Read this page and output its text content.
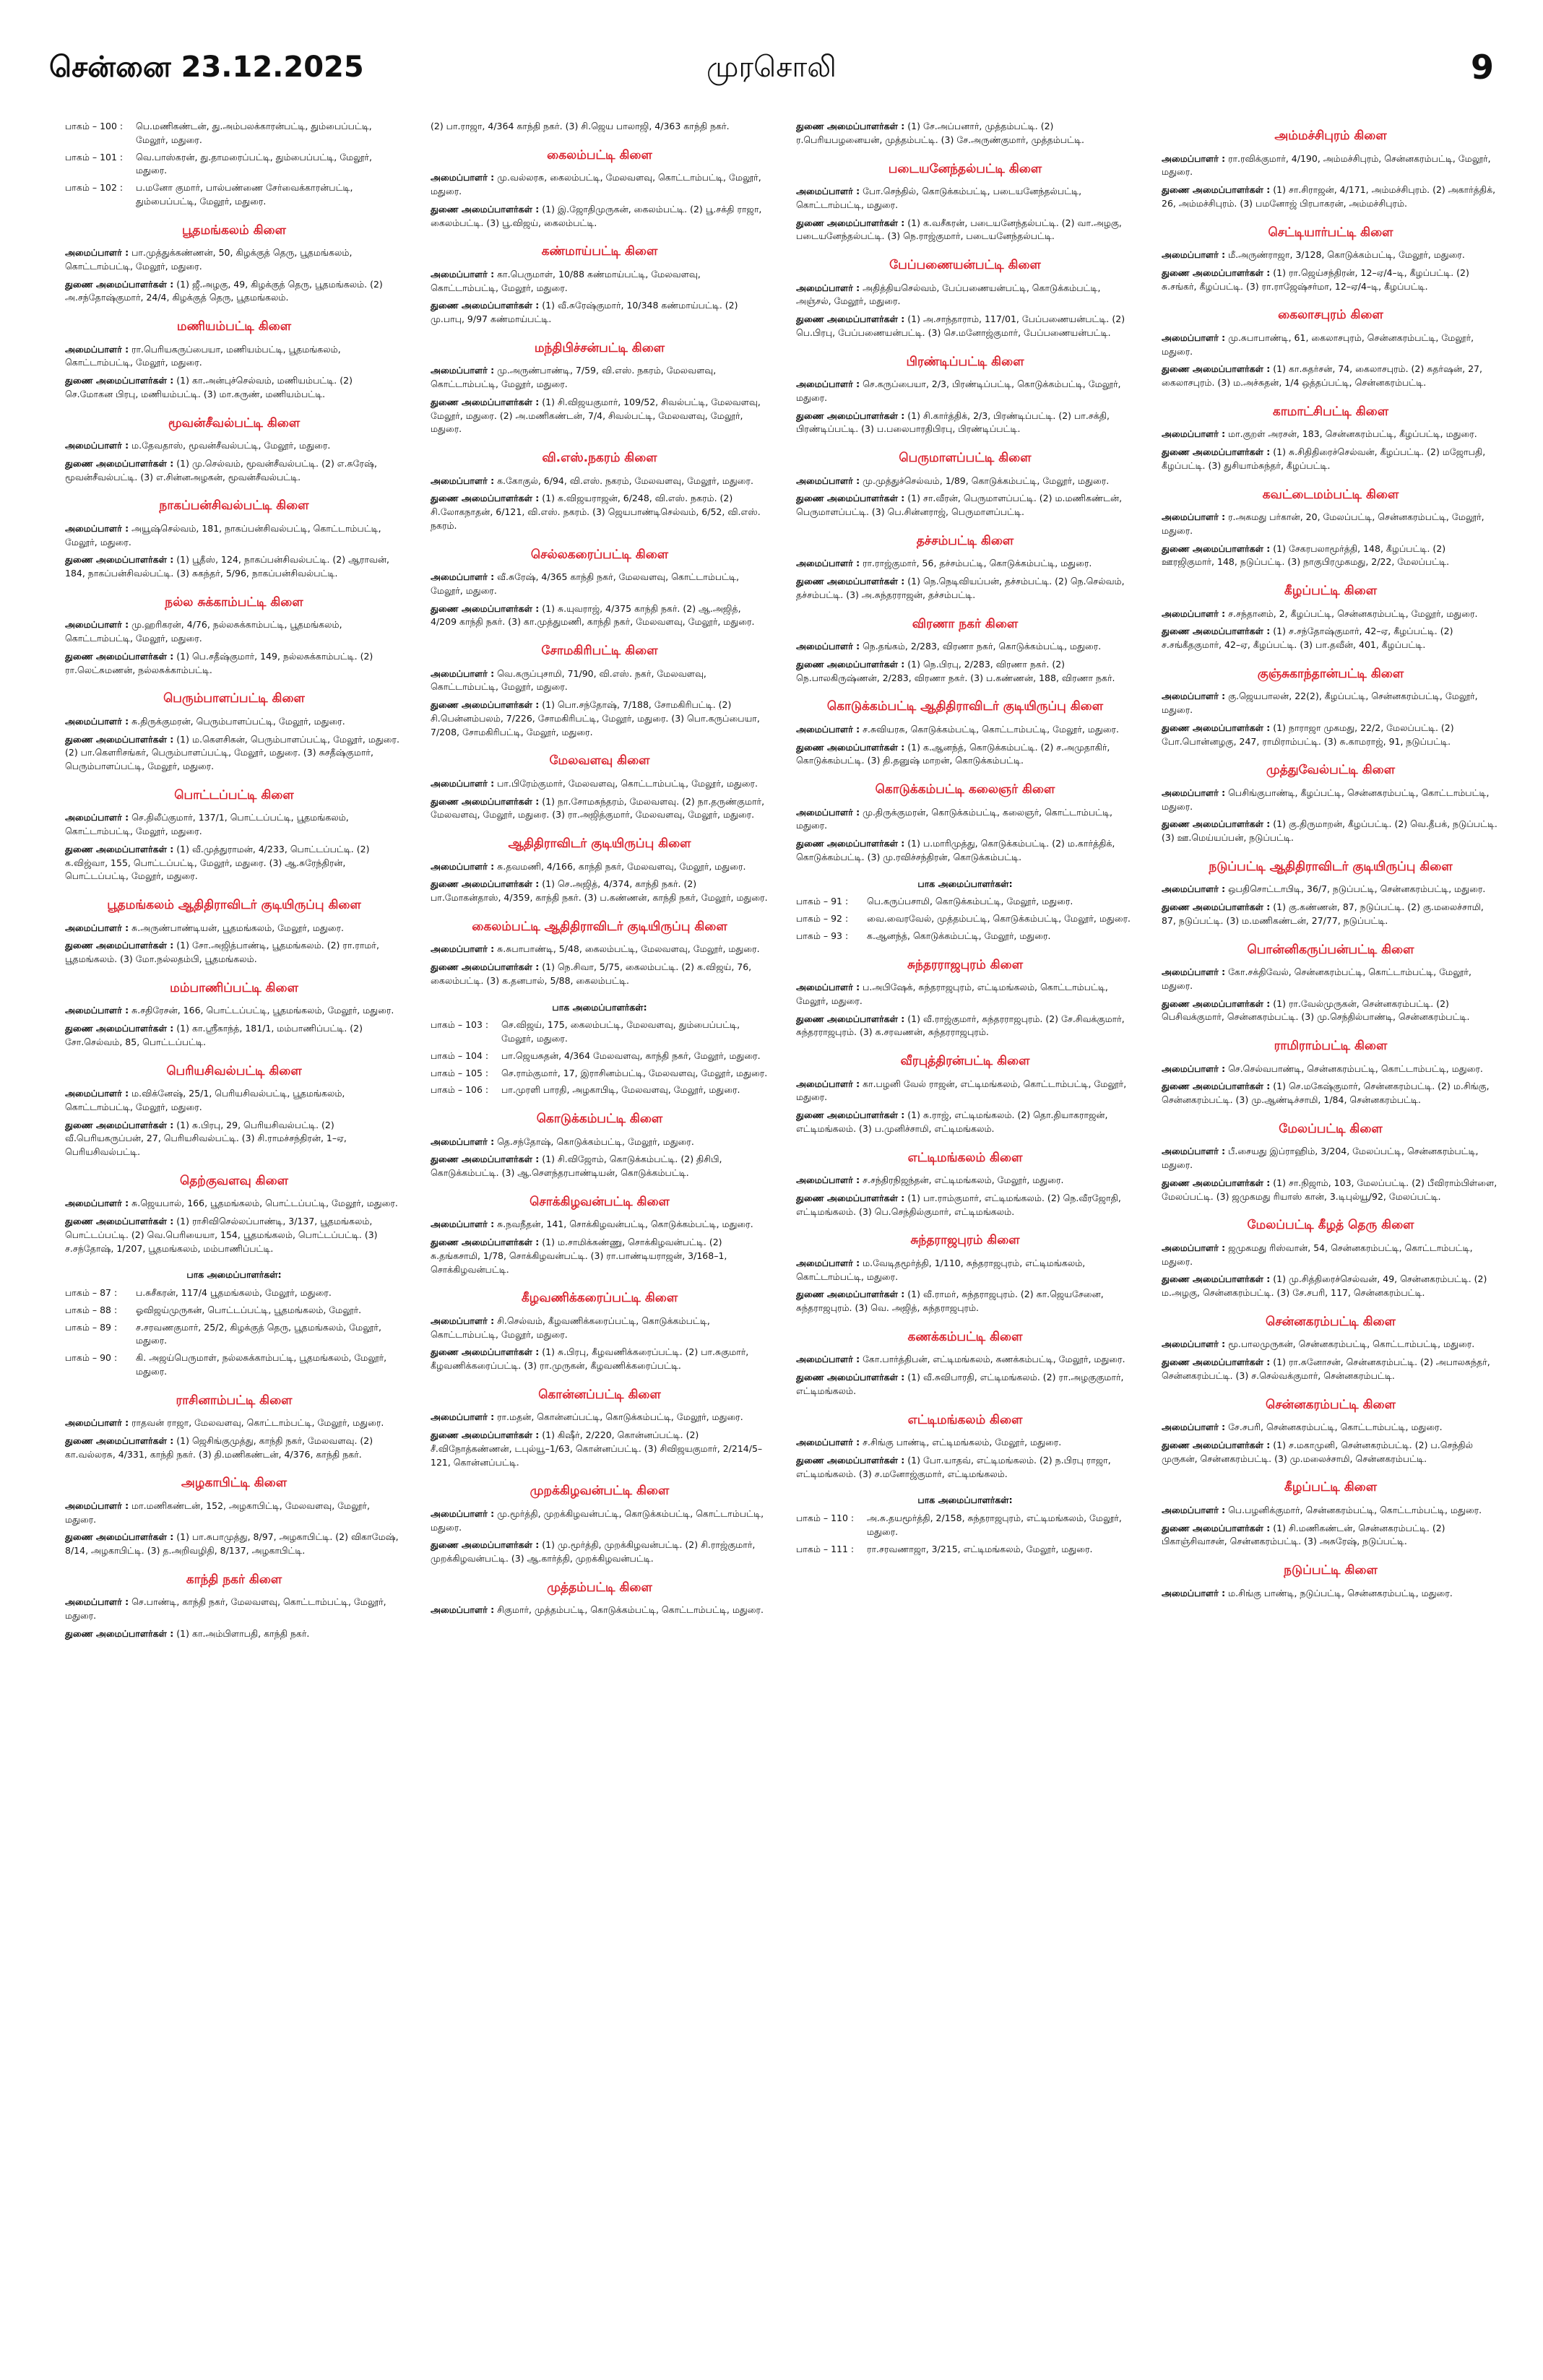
சென்னை 23.12.2025	முரசொலி	9
பாகம் – 100 :	பெ.மணிகண்டன், து.அம்பலக்காரன்பட்டி, தும்பைப்பட்டி, மேலூர், மதுரை.
பாகம் – 101 :	வெ.பாஸ்கரன், து.தாமரைப்பட்டி, தும்பைப்பட்டி, மேலூர், மதுரை.
பாகம் – 102 :	ப.மனோ குமார், பால்பண்ணை சேர்வைக்காரன்பட்டி, தும்பைப்பட்டி, மேலூர், மதுரை.
பூதமங்கலம் கிளை
அமைப்பாளர் : பா.முத்துக்கண்ணன், 50, கிழக்குத் தெரு, பூதமங்கலம், கொட்டாம்பட்டி, மேலூர், மதுரை.
துணை அமைப்பாளர்கள் : (1) ஜீ.அழகு, 49, கிழக்குத் தெரு, பூதமங்கலம். (2) அ.சந்தோஷ்குமார், 24/4, கிழக்குத் தெரு, பூதமங்கலம்.
மணியம்பட்டி கிளை
அமைப்பாளர் : ரா.பெரியகருப்பையா, மணியம்பட்டி, பூதமங்கலம், கொட்டாம்பட்டி, மேலூர், மதுரை.
துணை அமைப்பாளர்கள் : (1) கா.அன்புச்செல்வம், மணியம்பட்டி. (2) செ.மோகன பிரபு, மணியம்பட்டி. (3) மா.கருண், மணியம்பட்டி.
மூவன்சீவல்பட்டி கிளை
அமைப்பாளர் : ம.தேவதாஸ், மூவன்சீவல்பட்டி, மேலூர், மதுரை.
துணை அமைப்பாளர்கள் : (1) மு.செல்வம், மூவன்சீவல்பட்டி. (2) எ.சுரேஷ், மூவன்சீவல்பட்டி. (3) எ.சின்னஅழகன், மூவன்சீவல்பட்டி.
நாகப்பன்சிவல்பட்டி கிளை
அமைப்பாளர் : அயூஷ்செல்வம், 181, நாகப்பன்சிவல்பட்டி, கொட்டாம்பட்டி, மேலூர், மதுரை.
துணை அமைப்பாளர்கள் : (1) பூதீஸ், 124, நாகப்பன்சிவல்பட்டி. (2) ஆராவன், 184, நாகப்பன்சிவல்பட்டி. (3) சுகந்தர், 5/96, நாகப்பன்சிவல்பட்டி.
நல்ல சுக்காம்பட்டி கிளை
அமைப்பாளர் : மு.ஹரிகரன், 4/76, நல்லசுக்காம்பட்டி, பூதமங்கலம், கொட்டாம்பட்டி, மேலூர், மதுரை.
துணை அமைப்பாளர்கள் : (1) பெ.சதீஷ்குமார், 149, நல்லசுக்காம்பட்டி. (2) ரா.லெட்சுமணன், நல்லசுக்காம்பட்டி.
பெரும்பாளப்பட்டி கிளை
அமைப்பாளர் : சு.திருக்குமரன், பெரும்பாளப்பட்டி, மேலூர், மதுரை.
துணை அமைப்பாளர்கள் : (1) ம.கௌசிகன், பெரும்பாளப்பட்டி, மேலூர், மதுரை. (2) பா.கௌரிசங்கர், பெரும்பாளப்பட்டி, மேலூர், மதுரை. (3) சுசதீஷ்குமார், பெரும்பாளப்பட்டி, மேலூர், மதுரை.
பொட்டப்பட்டி கிளை
அமைப்பாளர் : செ.திலீப்குமார், 137/1, பொட்டப்பட்டி, பூதமங்கலம், கொட்டாம்பட்டி, மேலூர், மதுரை.
துணை அமைப்பாளர்கள் : (1) வீ.முத்துராமன், 4/233, பொட்டப்பட்டி. (2) க.விஜ்வா, 155, பொட்டப்பட்டி, மேலூர், மதுரை. (3) ஆ.சுரேந்திரன், பொட்டப்பட்டி, மேலூர், மதுரை.
பூதமங்கலம் ஆதிதிராவிடர் குடியிருப்பு கிளை
அமைப்பாளர் : சு.அருண்பாண்டியன், பூதமங்கலம், மேலூர், மதுரை.
துணை அமைப்பாளர்கள் : (1) சோ.அஜித்பாண்டி, பூதமங்கலம். (2) ரா.ராமர், பூதமங்கலம். (3) மோ.நல்லதம்பி, பூதமங்கலம்.
மம்பாணிப்பட்டி கிளை
அமைப்பாளர் : சு.சதிரேசன், 166, பொட்டப்பட்டி, பூதமங்கலம், மேலூர், மதுரை.
துணை அமைப்பாளர்கள் : (1) கா.ஸ்ரீகாந்த், 181/1, மம்பாணிப்பட்டி. (2) சோ.செல்வம், 85, பொட்டப்பட்டி.
பெரியசிவல்பட்டி கிளை
அமைப்பாளர் : ம.விக்னேஷ், 25/1, பெரியசிவல்பட்டி, பூதமங்கலம், கொட்டாம்பட்டி, மேலூர், மதுரை.
துணை அமைப்பாளர்கள் : (1) சு.பிரபு, 29, பெரியசிவல்பட்டி. (2) வீ.பெரியகருப்பன், 27, பெரியசிவல்பட்டி. (3) சி.ராமச்சந்திரன், 1–ஏ, பெரியசிவல்பட்டி.
தெற்குவளவு கிளை
அமைப்பாளர் : சு.ஜெயபால், 166, பூதமங்கலம், பொட்டப்பட்டி, மேலூர், மதுரை.
துணை அமைப்பாளர்கள் : (1) ராசிவிசெல்லப்பாண்டி, 3/137, பூதமங்கலம், பொட்டப்பட்டி. (2) வெ.பெரியையா, 154, பூதமங்கலம், பொட்டப்பட்டி. (3) ச.சந்தோஷ், 1/207, பூதமங்கலம், மம்பாணிப்பட்டி.
பாக அமைப்பாளர்கள்:
பாகம் – 87 :	ப.சுசீகரன், 117/4 பூதமங்கலம், மேலூர், மதுரை.
பாகம் – 88 :	ஓவிஜய்முருகன், பொட்டப்பட்டி, பூதமங்கலம், மேலூர்.
பாகம் – 89 :	ச.சரவணகுமார், 25/2, கிழக்குத் தெரு, பூதமங்கலம், மேலூர், மதுரை.
பாகம் – 90 :	கி. அஜய்பெருமாள், நல்லசுக்காம்பட்டி, பூதமங்கலம், மேலூர், மதுரை.
ராசினாம்பட்டி கிளை
அமைப்பாளர் : ராதவன் ராஜா, மேலவளவு, கொட்டாம்பட்டி, மேலூர், மதுரை.
துணை அமைப்பாளர்கள் : (1) ஜெசிங்குமுத்து, காந்தி நகர், மேலவளவு. (2) கா.வல்லரசு, 4/331, காந்தி நகர். (3) தி.மணிகண்டன், 4/376, காந்தி நகர்.
அழகாபிட்டி கிளை
அமைப்பாளர் : மா.மணிகண்டன், 152, அழகாபிட்டி, மேலவளவு, மேலூர், மதுரை.
துணை அமைப்பாளர்கள் : (1) பா.சுபாமுத்து, 8/97, அழகாபிட்டி. (2) விகாமேஷ், 8/14, அழகாபிட்டி. (3) த.அறிவழிதி, 8/137, அழகாபிட்டி.
காந்தி நகர் கிளை
அமைப்பாளர் : செ.பாண்டி, காந்தி நகர், மேலவளவு, கொட்டாம்பட்டி, மேலூர், மதுரை.
துணை அமைப்பாளர்கள் : (1) கா.அம்பிளாபதி, காந்தி நகர்.
(2) பா.ராஜா, 4/364 காந்தி நகர். (3) சி.ஜெய பாலாஜி, 4/363 காந்தி நகர்.
கைலம்பட்டி கிளை
அமைப்பாளர் : மு.வல்லரசு, கைலம்பட்டி, மேலவளவு, கொட்டாம்பட்டி, மேலூர், மதுரை.
துணை அமைப்பாளர்கள் : (1) இ.ஜோதிமுருகன், கைலம்பட்டி. (2) பூ.சக்தி ராஜா, கைலம்பட்டி. (3) பூ.விஜய், கைலம்பட்டி.
கண்மாய்பட்டி கிளை
அமைப்பாளர் : கா.பெருமாள், 10/88 கண்மாய்பட்டி, மேலவளவு, கொட்டாம்பட்டி, மேலூர், மதுரை.
துணை அமைப்பாளர்கள் : (1) வீ.சுரேஷ்குமார், 10/348 கண்மாய்பட்டி. (2) மு.பாபு, 9/97 கண்மாய்பட்டி.
மந்திபிச்சன்பட்டி கிளை
அமைப்பாளர் : மு.அருண்பாண்டி, 7/59, வி.எஸ். நகரம், மேலவளவு, கொட்டாம்பட்டி, மேலூர், மதுரை.
துணை அமைப்பாளர்கள் : (1) சி.விஜயகுமார், 109/52, சிவல்பட்டி, மேலவளவு, மேலூர், மதுரை. (2) அ.மணிகண்டன், 7/4, சிவல்பட்டி, மேலவளவு, மேலூர், மதுரை.
வி.எஸ்.நகரம் கிளை
அமைப்பாளர் : க.கோகுல், 6/94, வி.எஸ். நகரம், மேலவளவு, மேலூர், மதுரை.
துணை அமைப்பாளர்கள் : (1) க.விஜயராஜன், 6/248, வி.எஸ். நகரம். (2) சி.லோகநாதன், 6/121, வி.எஸ். நகரம். (3) ஜெயபாண்டிசெல்வம், 6/52, வி.எஸ். நகரம்.
செல்லகரைப்பட்டி கிளை
அமைப்பாளர் : வீ.சுரேஷ், 4/365 காந்தி நகர், மேலவளவு, கொட்டாம்பட்டி, மேலூர், மதுரை.
துணை அமைப்பாளர்கள் : (1) சு.யுவராஜ், 4/375 காந்தி நகர். (2) ஆ.அஜித், 4/209 காந்தி நகர். (3) கா.முத்துமணி, காந்தி நகர், மேலவளவு, மேலூர், மதுரை.
சோமகிரிபட்டி கிளை
அமைப்பாளர் : வெ.கருப்புசாமி, 71/90, வி.எஸ். நகர், மேலவளவு, கொட்டாம்பட்டி, மேலூர், மதுரை.
துணை அமைப்பாளர்கள் : (1) பொ.சந்தோஷ், 7/188, சோமகிரிபட்டி. (2) சி.பென்னம்பலம், 7/226, சோமகிரிபட்டி, மேலூர், மதுரை. (3) பொ.கருப்பையா, 7/208, சோமகிரிபட்டி, மேலூர், மதுரை.
மேலவளவு கிளை
அமைப்பாளர் : பா.பிரேம்குமார், மேலவளவு, கொட்டாம்பட்டி, மேலூர், மதுரை.
துணை அமைப்பாளர்கள் : (1) நா.சோமசுந்தரம், மேலவளவு. (2) நா.தருண்குமார், மேலவளவு, மேலூர், மதுரை. (3) ரா.அஜித்குமார், மேலவளவு, மேலூர், மதுரை.
ஆதிதிராவிடர் குடியிருப்பு கிளை
அமைப்பாளர் : சு.தவமணி, 4/166, காந்தி நகர், மேலவளவு, மேலூர், மதுரை.
துணை அமைப்பாளர்கள் : (1) செ.அஜித், 4/374, காந்தி நகர். (2) பா.மோகன்தாஸ், 4/359, காந்தி நகர். (3) ப.கண்ணன், காந்தி நகர், மேலூர், மதுரை.
கைலம்பட்டி ஆதிதிராவிடர் குடியிருப்பு கிளை
அமைப்பாளர் : சு.சுபாபாண்டி, 5/48, கைலம்பட்டி, மேலவளவு, மேலூர், மதுரை.
துணை அமைப்பாளர்கள் : (1) நெ.சிவா, 5/75, கைலம்பட்டி. (2) க.விஜய், 76, கைலம்பட்டி. (3) க.தனபால், 5/88, கைலம்பட்டி.
பாக அமைப்பாளர்கள்:
பாகம் – 103 :	செ.விஜய், 175, கைலம்பட்டி, மேலவளவு, தும்பைப்பட்டி, மேலூர், மதுரை.
பாகம் – 104 :	பா.ஜெயசுதன், 4/364 மேலவளவு, காந்தி நகர், மேலூர், மதுரை.
பாகம் – 105 :	செ.ராம்குமார், 17, இராசினம்பட்டி, மேலவளவு, மேலூர், மதுரை.
பாகம் – 106 :	பா.முரளி பாரதி, அழகாபிடி, மேலவளவு, மேலூர், மதுரை.
கொடுக்கம்பட்டி கிளை
அமைப்பாளர் : தெ.சந்தோஷ், கொடுக்கம்பட்டி, மேலூர், மதுரை.
துணை அமைப்பாளர்கள் : (1) சி.விஜோம், கொடுக்கம்பட்டி. (2) திசிபி, கொடுக்கம்பட்டி. (3) ஆ.சௌந்தரபாண்டியன், கொடுக்கம்பட்டி.
சொக்கிழவன்பட்டி கிளை
அமைப்பாளர் : சு.நவநீதன், 141, சொக்கிழவன்பட்டி, கொடுக்கம்பட்டி, மதுரை.
துணை அமைப்பாளர்கள் : (1) ம.சாமிக்கண்ணு, சொக்கிழவன்பட்டி. (2) சு.தங்கசாமி, 1/78, சொக்கிழவன்பட்டி. (3) ரா.பாண்டியராஜன், 3/168–1, சொக்கிழவன்பட்டி.
கீழவணிக்கரைப்பட்டி கிளை
அமைப்பாளர் : சி.செல்வம், கீழவணிக்கரைப்பட்டி, கொடுக்கம்பட்டி, கொட்டாம்பட்டி, மேலூர், மதுரை.
துணை அமைப்பாளர்கள் : (1) சு.பிரபு, கீழவணிக்கரைப்பட்டி. (2) பா.சுகுமார், கீழவணிக்கரைப்பட்டி. (3) ரா.முருகன், கீழவணிக்கரைப்பட்டி.
கொன்னப்பட்டி கிளை
அமைப்பாளர் : ரா.மதன், கொன்னப்பட்டி, கொடுக்கம்பட்டி, மேலூர், மதுரை.
துணை அமைப்பாளர்கள் : (1) கிஷீர், 2/220, கொன்னப்பட்டி. (2) சீ.விநோத்கண்ணன், டபுல்யூ–1/63, கொன்னப்பட்டி. (3) சிவிஜயகுமார், 2/214/5–121, கொன்னப்பட்டி.
முறக்கிழவன்பட்டி கிளை
அமைப்பாளர் : மு.மூர்த்தி, முறக்கிழவன்பட்டி, கொடுக்கம்பட்டி, கொட்டாம்பட்டி, மதுரை.
துணை அமைப்பாளர்கள் : (1) மு.மூர்த்தி, முறக்கிழவன்பட்டி. (2) சி.ராஜ்குமார், முறக்கிழவன்பட்டி. (3) ஆ.கார்த்தி, முறக்கிழவன்பட்டி.
முத்தம்பட்டி கிளை
அமைப்பாளர் : சிகுமார், முத்தம்பட்டி, கொடுக்கம்பட்டி, கொட்டாம்பட்டி, மதுரை.
துணை அமைப்பாளர்கள் : (1) சே.அப்பனார், முத்தம்பட்டி. (2) ர.பெரியபழனையன், முத்தம்பட்டி. (3) சே.அருண்குமார், முத்தம்பட்டி.
படையனேந்தல்பட்டி கிளை
அமைப்பாளர் : போ.செந்தில், கொடுக்கம்பட்டி, படையனேந்தல்பட்டி, கொட்டாம்பட்டி, மதுரை.
துணை அமைப்பாளர்கள் : (1) க.வசீகரன், படையனேந்தல்பட்டி. (2) வா.அழகு, படையனேந்தல்பட்டி. (3) நெ.ராஜ்குமார், படையனேந்தல்பட்டி.
பேப்பணையன்பட்டி கிளை
அமைப்பாளர் : அதித்தியசெல்வம், பேப்பணையன்பட்டி, கொடுக்கம்பட்டி, அஞ்சல், மேலூர், மதுரை.
துணை அமைப்பாளர்கள் : (1) அ.சாந்தாராம், 117/01, பேப்பணையன்பட்டி. (2) பெ.பிரபு, பேப்பணையன்பட்டி. (3) செ.மனோஜ்குமார், பேப்பணையன்பட்டி.
பிரண்டிப்பட்டி கிளை
அமைப்பாளர் : செ.கருப்பையா, 2/3, பிரண்டிப்பட்டி, கொடுக்கம்பட்டி, மேலூர், மதுரை.
துணை அமைப்பாளர்கள் : (1) சி.கார்த்திக், 2/3, பிரண்டிப்பட்டி. (2) பா.சக்தி, பிரண்டிப்பட்டி. (3) ப.பலைபாரதிபிரபு, பிரண்டிப்பட்டி.
பெருமாளப்பட்டி கிளை
அமைப்பாளர் : மு.முத்துச்செல்வம், 1/89, கொடுக்கம்பட்டி, மேலூர், மதுரை.
துணை அமைப்பாளர்கள் : (1) சா.வீரன், பெருமாளப்பட்டி. (2) ம.மணிகண்டன், பெருமாளப்பட்டி. (3) பெ.சின்னராஜ், பெருமாளப்பட்டி.
தச்சம்பட்டி கிளை
அமைப்பாளர் : ரா.ராஜ்குமார், 56, தச்சம்பட்டி, கொடுக்கம்பட்டி, மதுரை.
துணை அமைப்பாளர்கள் : (1) நெ.நெடிவியப்பன், தச்சம்பட்டி. (2) நெ.செல்வம், தச்சம்பட்டி. (3) அ.சுந்தரராஜன், தச்சம்பட்டி.
விரணா நகர் கிளை
அமைப்பாளர் : நெ.தங்கம், 2/283, விரணா நகர், கொடுக்கம்பட்டி, மதுரை.
துணை அமைப்பாளர்கள் : (1) நெ.பிரபு, 2/283, விரணா நகர். (2) நெ.பாலகிருஷ்ணன், 2/283, விரணா நகர். (3) ப.கண்ணன், 188, விரணா நகர்.
கொடுக்கம்பட்டி ஆதிதிராவிடர் குடியிருப்பு கிளை
அமைப்பாளர் : ச.சுவியரசு, கொடுக்கம்பட்டி, கொட்டாம்பட்டி, மேலூர், மதுரை.
துணை அமைப்பாளர்கள் : (1) க.ஆனந்த், கொடுக்கம்பட்டி. (2) ச.அமுதாகிர், கொடுக்கம்பட்டி. (3) தி.தனுஷ் மாறன், கொடுக்கம்பட்டி.
கொடுக்கம்பட்டி கலைஞர் கிளை
அமைப்பாளர் : மு.திருக்குமரன், கொடுக்கம்பட்டி, கலைஞர், கொட்டாம்பட்டி, மதுரை.
துணை அமைப்பாளர்கள் : (1) ப.மாரிமுத்து, கொடுக்கம்பட்டி. (2) ம.கார்த்திக், கொடுக்கம்பட்டி. (3) மு.ரவிச்சந்திரன், கொடுக்கம்பட்டி.
பாக அமைப்பாளர்கள்:
பாகம் – 91 :	பெ.கருப்பசாமி, கொடுக்கம்பட்டி, மேலூர், மதுரை.
பாகம் – 92 :	வை.வைரவேல், முத்தம்பட்டி, கொடுக்கம்பட்டி, மேலூர், மதுரை.
பாகம் – 93 :	க.ஆனந்த், கொடுக்கம்பட்டி, மேலூர், மதுரை.
சுந்தரராஜபுரம் கிளை
அமைப்பாளர் : ப.அபிஷேக், சுந்தராஜபுரம், எட்டிமங்கலம், கொட்டாம்பட்டி, மேலூர், மதுரை.
துணை அமைப்பாளர்கள் : (1) வீ.ராஜ்குமார், சுந்தரராஜபுரம். (2) சே.சிவக்குமார், சுந்தரராஜபுரம். (3) க.சரவணன், சுந்தரராஜபுரம்.
வீரபுத்திரன்பட்டி கிளை
அமைப்பாளர் : கா.பழனி வேல் ராஜன், எட்டிமங்கலம், கொட்டாம்பட்டி, மேலூர், மதுரை.
துணை அமைப்பாளர்கள் : (1) சு.ராஜ், எட்டிமங்கலம். (2) தொ.தியாகராஜன், எட்டிமங்கலம். (3) ப.முனிச்சாமி, எட்டிமங்கலம்.
எட்டிமங்கலம் கிளை
அமைப்பாளர் : ச.சந்திரநிஜந்தன், எட்டிமங்கலம், மேலூர், மதுரை.
துணை அமைப்பாளர்கள் : (1) பா.ராம்குமார், எட்டிமங்கலம். (2) நெ.வீரஜோதி, எட்டிமங்கலம். (3) பெ.செந்தில்குமார், எட்டிமங்கலம்.
சுந்தராஜபுரம் கிளை
அமைப்பாளர் : ம.வேடிதமூர்த்தி, 1/110, சுந்தராஜபுரம், எட்டிமங்கலம், கொட்டாம்பட்டி, மதுரை.
துணை அமைப்பாளர்கள் : (1) வீ.ராமர், சுந்தராஜபுரம். (2) கா.ஜெயசேனை, சுந்தராஜபுரம். (3) வெ. அஜித், சுந்தராஜபுரம்.
கணக்கம்பட்டி கிளை
அமைப்பாளர் : கோ.பார்த்திபன், எட்டிமங்கலம், கணக்கம்பட்டி, மேலூர், மதுரை.
துணை அமைப்பாளர்கள் : (1) வீ.சுவிபாரதி, எட்டிமங்கலம். (2) ரா.அழகுகுமார், எட்டிமங்கலம்.
எட்டிமங்கலம் கிளை
அமைப்பாளர் : ச.சிங்கு பாண்டி, எட்டிமங்கலம், மேலூர், மதுரை.
துணை அமைப்பாளர்கள் : (1) போ.யாதவ், எட்டிமங்கலம். (2) ந.பிரபு ராஜா, எட்டிமங்கலம். (3) ச.மனோஜ்குமார், எட்டிமங்கலம்.
பாக அமைப்பாளர்கள்:
பாகம் – 110 :	அ.சு.தயமூர்த்தி, 2/158, சுந்தராஜபுரம், எட்டிமங்கலம், மேலூர், மதுரை.
பாகம் – 111 :	ரா.சரவணாஜா, 3/215, எட்டிமங்கலம், மேலூர், மதுரை.
அம்மச்சிபுரம் கிளை
அமைப்பாளர் : ரா.ரவிக்குமார், 4/190, அம்மச்சிபுரம், சென்னகரம்பட்டி, மேலூர், மதுரை.
துணை அமைப்பாளர்கள் : (1) சா.சிராஜன், 4/171, அம்மச்சிபுரம். (2) அகார்த்திக், 26, அம்மச்சிபுரம். (3) பமனோஜ் பிரபாகரன், அம்மச்சிபுரம்.
செட்டியார்பட்டி கிளை
அமைப்பாளர் : மீ.அருண்ராஜா, 3/128, கொடுக்கம்பட்டி, மேலூர், மதுரை.
துணை அமைப்பாளர்கள் : (1) ரா.ஜெய்சந்திரன், 12–ஏ/4–டி, கீழப்பட்டி. (2) சு.சங்கர், கீழப்பட்டி. (3) ரா.ராஜேஷ்சர்மா, 12–ஏ/4–டி, கீழப்பட்டி.
கைலாசபுரம் கிளை
அமைப்பாளர் : மு.சுபாபாண்டி, 61, கைலாசபுரம், சென்னகரம்பட்டி, மேலூர், மதுரை.
துணை அமைப்பாளர்கள் : (1) கா.சுதர்சன், 74, கைலாசபுரம். (2) சுதர்ஷன், 27, கைலாசபுரம். (3) ம.அச்சுதன், 1/4 ஒத்தப்பட்டி, சென்னகரம்பட்டி.
காமாட்சிபட்டி கிளை
அமைப்பாளர் : மா.குறள் அரசன், 183, சென்னகரம்பட்டி, கீழப்பட்டி, மதுரை.
துணை அமைப்பாளர்கள் : (1) சு.சிதிதிரைச்செல்வன், கீழப்பட்டி. (2) மஜோபதி, கீழப்பட்டி. (3) துசியாம்சுந்தர், கீழப்பட்டி.
கவட்டைமம்பட்டி கிளை
அமைப்பாளர் : ர.அகமது பர்கான், 20, மேலப்பட்டி, சென்னகரம்பட்டி, மேலூர், மதுரை.
துணை அமைப்பாளர்கள் : (1) சேகரபலாமூர்த்தி, 148, கீழப்பட்டி. (2) ஊரஜிகுமார், 148, நடுப்பட்டி. (3) நாகுபிரமுகமது, 2/22, மேலப்பட்டி.
கீழப்பட்டி கிளை
அமைப்பாளர் : ச.சந்தானம், 2, கீழப்பட்டி, சென்னகரம்பட்டி, மேலூர், மதுரை.
துணை அமைப்பாளர்கள் : (1) ச.சந்தோஷ்குமார், 42–ஏ, கீழப்பட்டி. (2) ச.சங்கீதகுமார், 42–ஏ, கீழப்பட்டி. (3) பா.தவீன், 401, கீழப்பட்டி.
குஞ்சுகாந்தான்பட்டி கிளை
அமைப்பாளர் : கு.ஜெயபாலன், 22(2), கீழப்பட்டி, சென்னகரம்பட்டி, மேலூர், மதுரை.
துணை அமைப்பாளர்கள் : (1) நாராஜா முகமது, 22/2, மேலப்பட்டி. (2) போ.பொன்னழகு, 247, ராமிராம்பட்டி. (3) சு.காமராஜ், 91, நடுப்பட்டி.
முத்துவேல்பட்டி கிளை
அமைப்பாளர் : பெசிங்குபாண்டி, கீழப்பட்டி, சென்னகரம்பட்டி, கொட்டாம்பட்டி, மதுரை.
துணை அமைப்பாளர்கள் : (1) கு.திருமாறன், கீழப்பட்டி. (2) வெ.தீபக், நடுப்பட்டி. (3) ஊ.மெய்யப்பன், நடுப்பட்டி.
நடுப்பட்டி ஆதிதிராவிடர் குடியிருப்பு கிளை
அமைப்பாளர் : ஒபதிசொட்டாபிடி, 36/7, நடுப்பட்டி, சென்னகரம்பட்டி, மதுரை.
துணை அமைப்பாளர்கள் : (1) கு.கண்ணன், 87, நடுப்பட்டி. (2) கு.மலைச்சாமி, 87, நடுப்பட்டி. (3) ம.மணிகண்டன், 27/77, நடுப்பட்டி.
பொன்னிகருப்பன்பட்டி கிளை
அமைப்பாளர் : கோ.சக்திவேல், சென்னகரம்பட்டி, கொட்டாம்பட்டி, மேலூர், மதுரை.
துணை அமைப்பாளர்கள் : (1) ரா.வேல்முருகன், சென்னகரம்பட்டி. (2) பெசிவக்குமார், சென்னகரம்பட்டி. (3) மு.செந்தில்பாண்டி, சென்னகரம்பட்டி.
ராமிராம்பட்டி கிளை
அமைப்பாளர் : செ.செல்வபாண்டி, சென்னகரம்பட்டி, கொட்டாம்பட்டி, மதுரை.
துணை அமைப்பாளர்கள் : (1) செ.மகேஷ்குமார், சென்னகரம்பட்டி. (2) ம.சிங்கு, சென்னகரம்பட்டி. (3) மு.ஆண்டிச்சாமி, 1/84, சென்னகரம்பட்டி.
மேலப்பட்டி கிளை
அமைப்பாளர் : பீ.சையது இப்ராஹிம், 3/204, மேலப்பட்டி, சென்னகரம்பட்டி, மதுரை.
துணை அமைப்பாளர்கள் : (1) சா.நிஜாம், 103, மேலப்பட்டி. (2) பீவிராம்பிள்ளை, மேலப்பட்டி. (3) ஜமுகமது ரியாஸ் கான், 3.டிபுல்யூ/92, மேலப்பட்டி.
மேலப்பட்டி கீழத் தெரு கிளை
அமைப்பாளர் : ஜமுகமது ரிஸ்வான், 54, சென்னகரம்பட்டி, கொட்டாம்பட்டி, மதுரை.
துணை அமைப்பாளர்கள் : (1) மு.சித்திரைச்செல்வன், 49, சென்னகரம்பட்டி. (2) ம.அழகு, சென்னகரம்பட்டி. (3) சே.சபரி, 117, சென்னகரம்பட்டி.
சென்னகரம்பட்டி கிளை
அமைப்பாளர் : மூ.பாலமுருகன், சென்னகரம்பட்டி, கொட்டாம்பட்டி, மதுரை.
துணை அமைப்பாளர்கள் : (1) ரா.சுனோசன், சென்னகரம்பட்டி. (2) அபாலசுந்தர், சென்னகரம்பட்டி. (3) ச.செல்வக்குமார், சென்னகரம்பட்டி.
சென்னகரம்பட்டி கிளை
அமைப்பாளர் : சே.சபரி, சென்னகரம்பட்டி, கொட்டாம்பட்டி, மதுரை.
துணை அமைப்பாளர்கள் : (1) ச.மகாமுனி, சென்னகரம்பட்டி. (2) ப.செந்தில் முருகன், சென்னகரம்பட்டி. (3) மு.மலைச்சாமி, சென்னகரம்பட்டி.
கீழப்பட்டி கிளை
அமைப்பாளர் : பெ.பழனிக்குமார், சென்னகரம்பட்டி, கொட்டாம்பட்டி, மதுரை.
துணை அமைப்பாளர்கள் : (1) சி.மணிகண்டன், சென்னகரம்பட்டி. (2) பிகாஞ்சிவாசன், சென்னகரம்பட்டி. (3) அசுரேஷ், நடுப்பட்டி.
நடுப்பட்டி கிளை
அமைப்பாளர் : ம.சிங்கு பாண்டி, நடுப்பட்டி, சென்னகரம்பட்டி, மதுரை.
